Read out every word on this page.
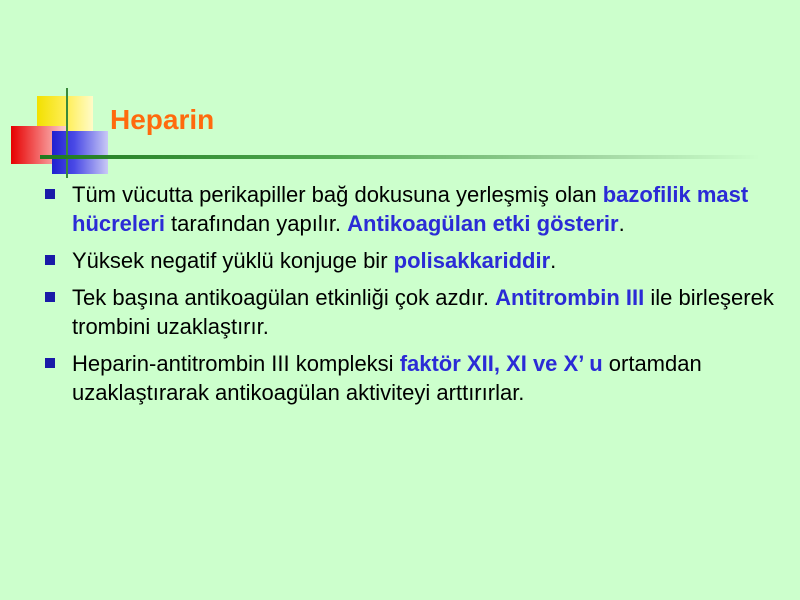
Heparin
Tüm vücutta perikapiller bağ dokusuna yerleşmiş olan bazofilik mast hücreleri tarafından yapılır. Antikoagülan etki gösterir.
Yüksek negatif yüklü konjuge bir polisakkariddir.
Tek başına antikoagülan etkinliği çok azdır. Antitrombin III ile birleşerek trombini uzaklaştırır.
Heparin-antitrombin III kompleksi faktör XII, XI ve X’ u ortamdan uzaklaştırarak antikoagülan aktiviteyi arttırırlar.
